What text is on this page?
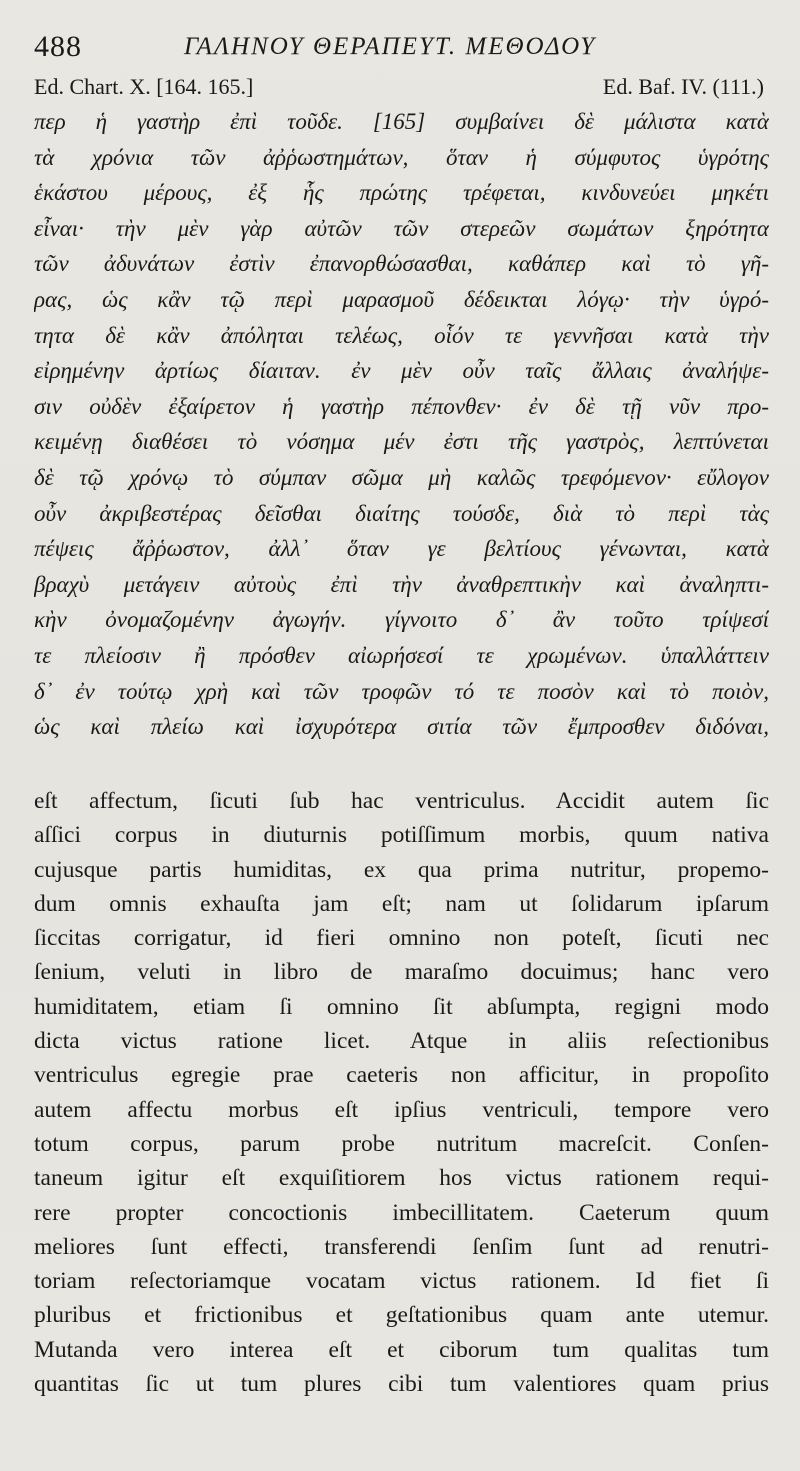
488	ΓΑΛΗΝΟΥ ΘΕΡΑΠΕΥΤ. ΜΕΘΟΔΟΥ
Ed. Chart. X. [164. 165.]	Ed. Baf. IV. (111.)
περ ἡ γαστὴρ ἐπὶ τοῦδε. [165] συμβαίνει δὲ μάλιστα κατὰ
τὰ χρόνια τῶν ἀῤῥωστημάτων, ὅταν ἡ σύμφυτος ὑγρότης
ἑκάστου μέρους, ἐξ ἧς πρώτης τρέφεται, κινδυνεύει μηκέτι
εἶναι· τὴν μὲν γὰρ αὐτῶν τῶν στερεῶν σωμάτων ξηρότητα
τῶν ἀδυνάτων ἐστὶν ἐπανορθώσασθαι, καθάπερ καὶ τὸ γῆ-
ρας, ὡς κἂν τῷ περὶ μαρασμοῦ δέδεικται λόγῳ· τὴν ὑγρό-
τητα δὲ κἂν ἀπόληται τελέως, οἷόν τε γεννῆσαι κατὰ τὴν
εἰρημένην ἀρτίως δίαιταν. ἐν μὲν οὖν ταῖς ἄλλαις ἀναλήψε-
σιν οὐδὲν ἐξαίρετον ἡ γαστὴρ πέπονθεν· ἐν δὲ τῇ νῦν προ-
κειμένῃ διαθέσει τὸ νόσημα μέν ἐστι τῆς γαστρὸς, λεπτύνεται
δὲ τῷ χρόνῳ τὸ σύμπαν σῶμα μὴ καλῶς τρεφόμενον· εὔλογον
οὖν ἀκριβεστέρας δεῖσθαι διαίτης τούσδε, διὰ τὸ περὶ τὰς
πέψεις ἄῤῥωστον, ἀλλ᾽ ὅταν γε βελτίους γένωνται, κατὰ
βραχὺ μετάγειν αὐτοὺς ἐπὶ τὴν ἀναθρεπτικὴν καὶ ἀναληπτι-
κὴν ὀνομαζομένην ἀγωγήν. γίγνοιτο δ᾽ ἂν τοῦτο τρίψεσί
τε πλείοσιν ἢ πρόσθεν αἰωρήσεσί τε χρωμένων. ὑπαλλάττειν
δ᾽ ἐν τούτῳ χρὴ καὶ τῶν τροφῶν τό τε ποσὸν καὶ τὸ ποιὸν,
ὡς καὶ πλείω καὶ ἰσχυρότερα σιτία τῶν ἔμπροσθεν διδόναι,
eſt affectum, ſicuti ſub hac ventriculus. Accidit autem ſic
aſſici corpus in diuturnis potiſſimum morbis, quum nativa
cujusque partis humiditas, ex qua prima nutritur, propemo-
dum omnis exhauſta jam eſt; nam ut ſolidarum ipſarum
ſiccitas corrigatur, id fieri omnino non poteſt, ſicuti nec
ſenium, veluti in libro de maraſmo docuimus; hanc vero
humiditatem, etiam ſi omnino ſit abſumpta, regigni modo
dicta victus ratione licet. Atque in aliis reſectionibus
ventriculus egregie prae caeteris non afficitur, in propoſito
autem affectu morbus eſt ipſius ventriculi, tempore vero
totum corpus, parum probe nutritum macreſcit. Conſen-
taneum igitur eſt exquiſitiorem hos victus rationem requi-
rere propter concoctionis imbecillitatem. Caeterum quum
meliores ſunt effecti, transferendi ſenſim ſunt ad renutri-
toriam reſectoriamque vocatam victus rationem. Id fiet ſi
pluribus et frictionibus et geſtationibus quam ante utemur.
Mutanda vero interea eſt et ciborum tum qualitas tum
quantitas ſic ut tum plures cibi tum valentiores quam prius
